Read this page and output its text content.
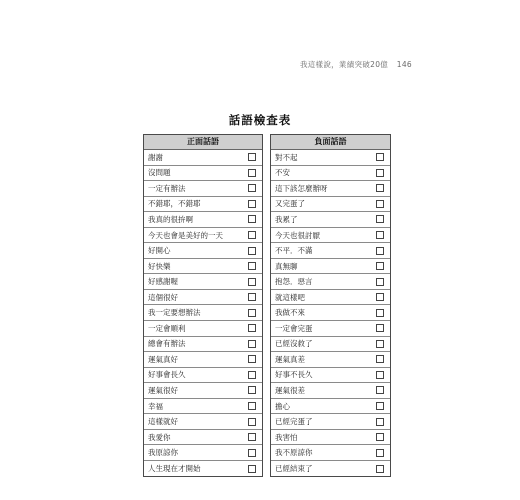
我這樣說，業績突破20億 146
話語檢查表
正面話語
謝謝
沒問題
一定有辦法
不錯耶，不錯耶
我真的很拚啊
今天也會是美好的一天
好開心
好快樂
好感謝喔
這個很好
我一定要想辦法
一定會順利
總會有辦法
運氣真好
好事會長久
運氣很好
幸福
這樣就好
我愛你
我原諒你
人生現在才開始
負面話語
對不起
不安
這下該怎麼辦呀
又完蛋了
我累了
今天也很討厭
不平．不滿
真無聊
抱怨．惡言
就這樣吧
我做不來
一定會完蛋
已經沒救了
運氣真差
好事不長久
運氣很差
擔心
已經完蛋了
我害怕
我不原諒你
已經結束了
